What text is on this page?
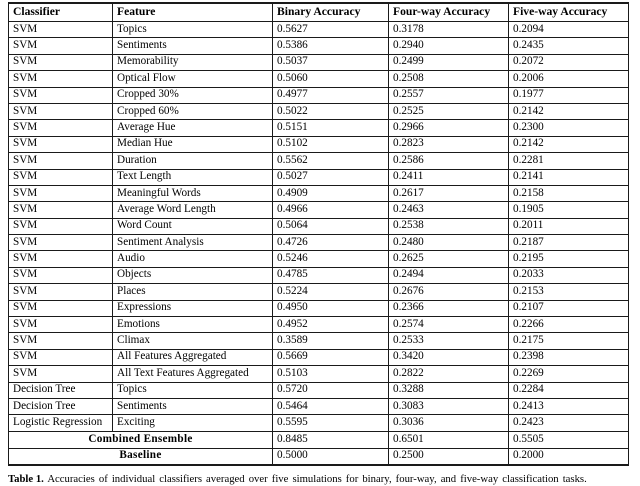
Classifier	Feature	Binary Accuracy	Four-way Accuracy	Five-way Accuracy
SVM	Topics	0.5627	0.3178	0.2094
SVM	Sentiments	0.5386	0.2940	0.2435
SVM	Memorability	0.5037	0.2499	0.2072
SVM	Optical Flow	0.5060	0.2508	0.2006
SVM	Cropped 30%	0.4977	0.2557	0.1977
SVM	Cropped 60%	0.5022	0.2525	0.2142
SVM	Average Hue	0.5151	0.2966	0.2300
SVM	Median Hue	0.5102	0.2823	0.2142
SVM	Duration	0.5562	0.2586	0.2281
SVM	Text Length	0.5027	0.2411	0.2141
SVM	Meaningful Words	0.4909	0.2617	0.2158
SVM	Average Word Length	0.4966	0.2463	0.1905
SVM	Word Count	0.5064	0.2538	0.2011
SVM	Sentiment Analysis	0.4726	0.2480	0.2187
SVM	Audio	0.5246	0.2625	0.2195
SVM	Objects	0.4785	0.2494	0.2033
SVM	Places	0.5224	0.2676	0.2153
SVM	Expressions	0.4950	0.2366	0.2107
SVM	Emotions	0.4952	0.2574	0.2266
SVM	Climax	0.3589	0.2533	0.2175
SVM	All Features Aggregated	0.5669	0.3420	0.2398
SVM	All Text Features Aggregated	0.5103	0.2822	0.2269
Decision Tree	Topics	0.5720	0.3288	0.2284
Decision Tree	Sentiments	0.5464	0.3083	0.2413
Logistic Regression	Exciting	0.5595	0.3036	0.2423
Combined Ensemble		0.8485	0.6501	0.5505
Baseline		0.5000	0.2500	0.2000
Table 1. Accuracies of individual classifiers averaged over five simulations for binary, four-way, and five-way classification tasks.
